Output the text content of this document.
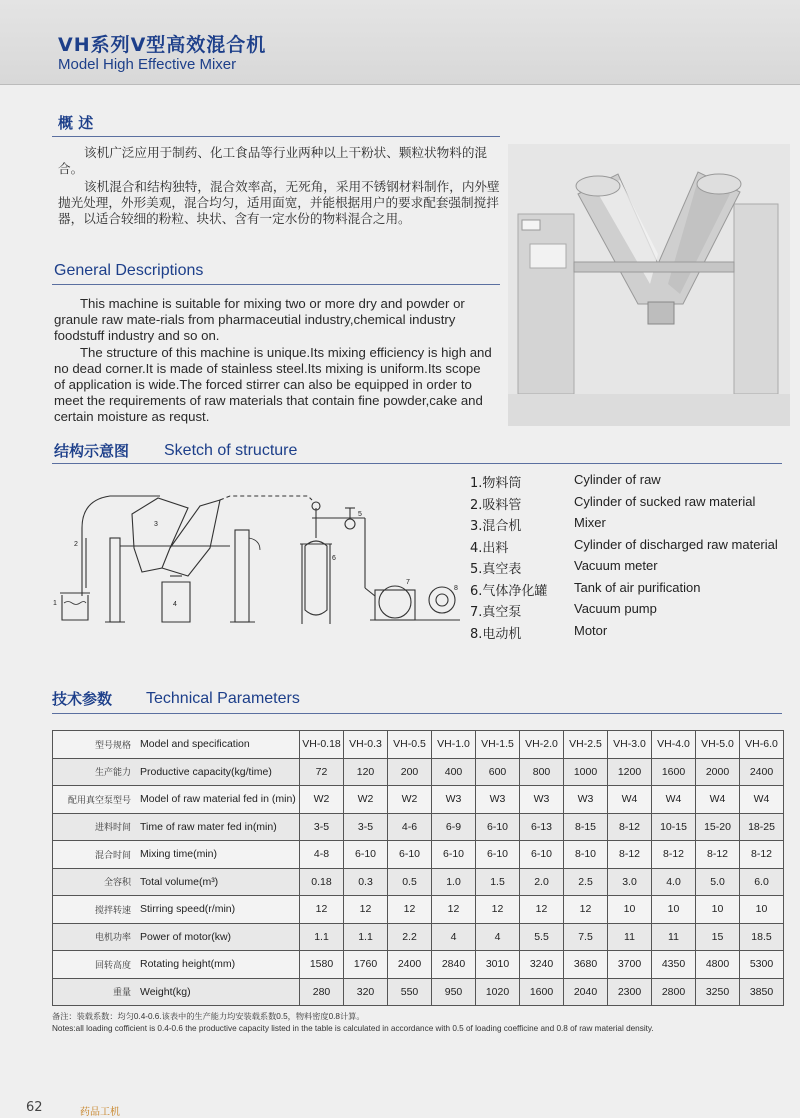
VH系列V型高效混合机
Model High Effective Mixer
概 述

该机广泛应用于制药、化工食品等行业两种以上干粉状、颗粒状物料的混合。

该机混合和结构独特，混合效率高，无死角，采用不锈钢材料制作，内外壁抛光处理，外形美观，混合均匀，适用面宽，并能根据用户的要求配套强制搅拌器，以适合较细的粉粒、块状、含有一定水份的物料混合之用。

General Descriptions

This machine is suitable for mixing two or more dry and powder or granule raw mate-rials from pharmaceutial industry,chemical industry foodstuff industry and so on.

The structure of this machine is unique.Its mixing efficiency is high and no dead corner.It is made of stainless steel.Its mixing is uniform.Its scope of application is wide.The forced stirrer can also be equipped in order to meet the requirements of raw materials that contain fine powder,cake and certain moisture as requst.

结构示意图 Sketch of structure
1
2
3
4
5
6
7
8
1.物料筒	Cylinder of raw
2.吸料管	Cylinder of sucked raw material
3.混合机	Mixer
4.出料	Cylinder of discharged raw material
5.真空表	Vacuum meter
6.气体净化罐 Tank of air purification
7.真空泵	Vacuum pump
8.电动机	Motor
技术参数 Technical Parameters
型号规格	Model and specification	VH-0.18	VH-0.3	VH-0.5	VH-1.0	VH-1.5	VH-2.0	VH-2.5	VH-3.0	VH-4.0	VH-5.0	VH-6.0
生产能力	Productive capacity(kg/time)	72	120	200	400	600	800	1000	1200	1600	2000	2400
配用真空泵型号	Model of raw material fed in (min)	W2	W2	W2	W3	W3	W3	W3	W4	W4	W4	W4
进料时间	Time of raw mater fed in(min)	3-5	3-5	4-6	6-9	6-10	6-13	8-15	8-12	10-15	15-20	18-25
混合时间	Mixing time(min)	4-8	6-10	6-10	6-10	6-10	6-10	8-10	8-12	8-12	8-12	8-12
全容积	Total volume(m³)	0.18	0.3	0.5	1.0	1.5	2.0	2.5	3.0	4.0	5.0	6.0
搅拌转速	Stirring speed(r/min)	12	12	12	12	12	12	12	10	10	10	10
电机功率	Power of motor(kw)	1.1	1.1	2.2	4	4	5.5	7.5	11	11	15	18.5
回转高度	Rotating height(mm)	1580	1760	2400	2840	3010	3240	3680	3700	4350	4800	5300
重量	Weight(kg)	280	320	550	950	1020	1600	2040	2300	2800	3250	3850
备注：装载系数：均匀0.4-0.6.该表中的生产能力均安装载系数0.5，物料密度0.8计算。
Notes:all loading cofficient is 0.4-0.6 the productive capacity listed in the table is calculated in accordance with 0.5 of loading coefficine and 0.8 of raw material density.
62	药品工机
